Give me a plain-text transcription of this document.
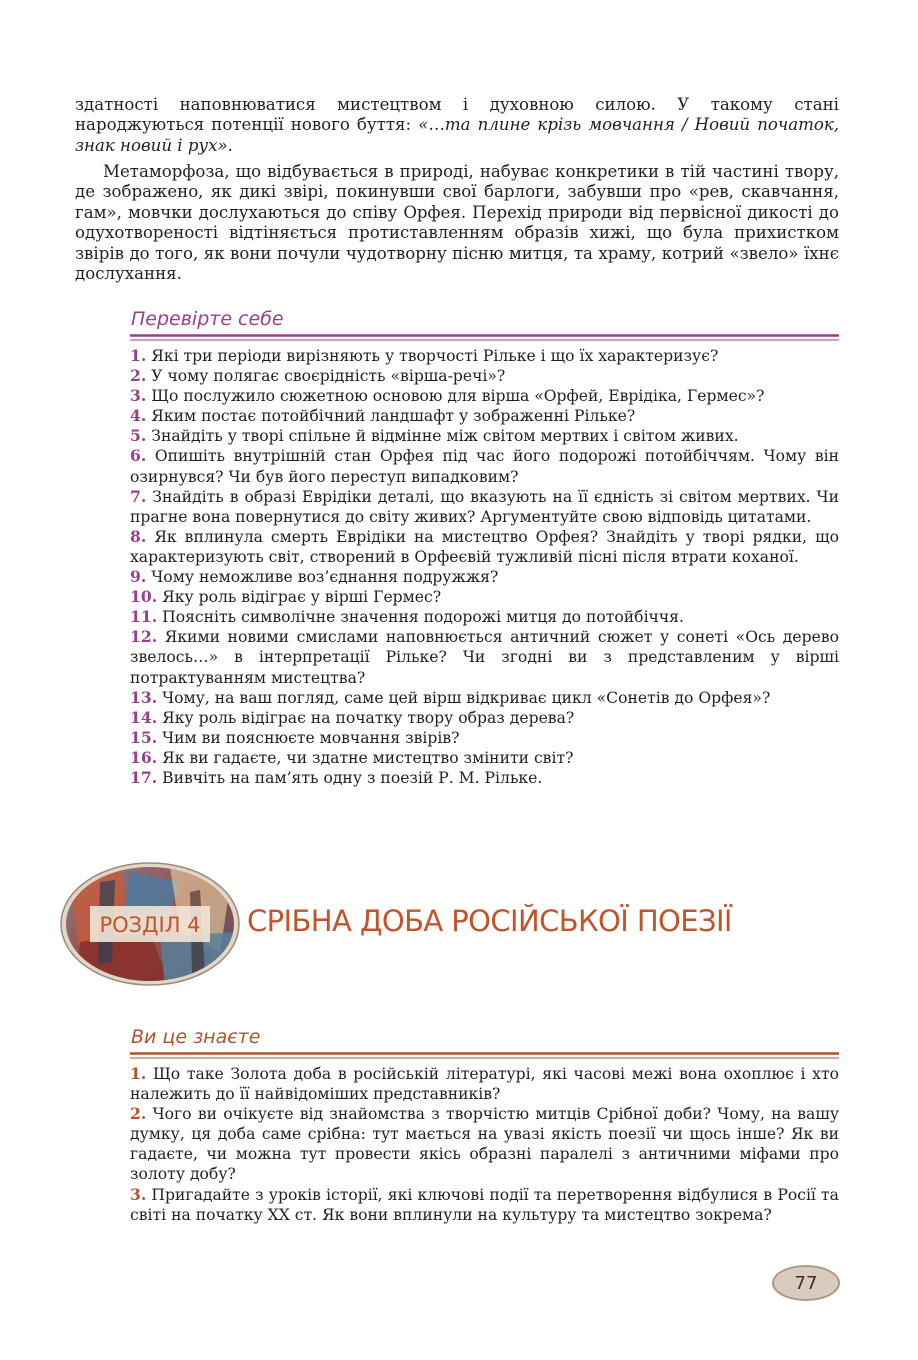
здатності наповнюватися мистецтвом і духовною силою. У такому стані народжуються потенції нового буття: «…та плине крізь мовчання / Новий початок, знак новий і рух».

Метаморфоза, що відбувається в природі, набуває конкретики в тій частині твору, де зображено, як дикі звірі, покинувши свої барлоги, забувши про «рев, скавчання, гам», мовчки дослухаються до співу Орфея. Перехід природи від первісної дикості до одухотвореності відтіняється протиставленням образів хижі, що була прихистком звірів до того, як вони почули чудотворну пісню митця, та храму, котрий «звело» їхнє дослухання.

Перевірте себе
1. Які три періоди вирізняють у творчості Рільке і що їх характеризує?
2. У чому полягає своєрідність «вірша-речі»?
3. Що послужило сюжетною основою для вірша «Орфей, Еврідіка, Гермес»?
4. Яким постає потойбічний ландшафт у зображенні Рільке?
5. Знайдіть у творі спільне й відмінне між світом мертвих і світом живих.
6. Опишіть внутрішній стан Орфея під час його подорожі потойбіччям. Чому він озирнувся? Чи був його переступ випадковим?
7. Знайдіть в образі Еврідіки деталі, що вказують на її єдність зі світом мертвих. Чи прагне вона повернутися до світу живих? Аргументуйте свою відповідь цитатами.
8. Як вплинула смерть Еврідіки на мистецтво Орфея? Знайдіть у творі рядки, що характеризують світ, створений в Орфеєвій тужливій пісні після втрати коханої.
9. Чому неможливе воз’єднання подружжя?
10. Яку роль відіграє у вірші Гермес?
11. Поясніть символічне значення подорожі митця до потойбіччя.
12. Якими новими смислами наповнюється античний сюжет у сонеті «Ось дерево звелось…» в інтерпретації Рільке? Чи згодні ви з представленим у вірші потрактуванням мистецтва?
13. Чому, на ваш погляд, саме цей вірш відкриває цикл «Сонетів до Орфея»?
14. Яку роль відіграє на початку твору образ дерева?
15. Чим ви пояснюєте мовчання звірів?
16. Як ви гадаєте, чи здатне мистецтво змінити світ?
17. Вивчіть на пам’ять одну з поезій Р. М. Рільке.
РОЗДІЛ 4 СРІБНА ДОБА РОСІЙСЬКОЇ ПОЕЗІЇ
Ви це знаєте
1. Що таке Золота доба в російській літературі, які часові межі вона охоплює і хто належить до її найвідоміших представників?
2. Чого ви очікуєте від знайомства з творчістю митців Срібної доби? Чому, на вашу думку, ця доба саме срібна: тут мається на увазі якість поезії чи щось інше? Як ви гадаєте, чи можна тут провести якісь образні паралелі з античними міфами про золоту добу?
3. Пригадайте з уроків історії, які ключові події та перетворення відбулися в Росії та світі на початку XX ст. Як вони вплинули на культуру та мистецтво зокрема?
77
